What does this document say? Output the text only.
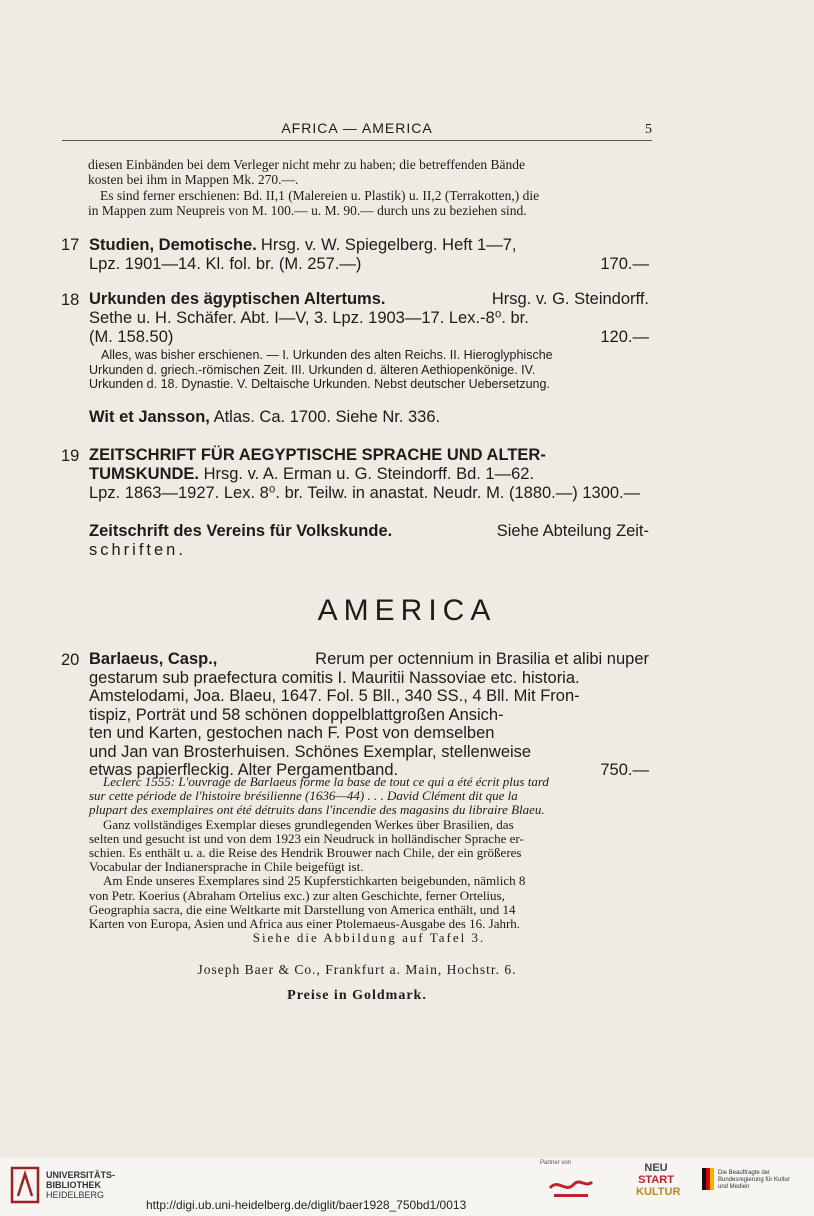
AFRICA — AMERICA	5
diesen Einbänden bei dem Verleger nicht mehr zu haben; die betreffenden Bände
kosten bei ihm in Mappen Mk. 270.—.
Es sind ferner erschienen: Bd. II,1 (Malereien u. Plastik) u. II,2 (Terrakotten,) die
in Mappen zum Neupreis von M. 100.— u. M. 90.— durch uns zu beziehen sind.
17 Studien, Demotische. Hrsg. v. W. Spiegelberg. Heft 1—7,
Lpz. 1901—14. Kl. fol. br. (M. 257.—)	170.—
18 Urkunden des ägyptischen Altertums.	Hrsg. v. G. Steindorff.
Sethe u. H. Schäfer. Abt. I—V, 3. Lpz. 1903—17. Lex.-8⁰. br.
(M. 158.50)	120.—
Alles, was bisher erschienen. — I. Urkunden des alten Reichs. II. Hieroglyphische
Urkunden d. griech.-römischen Zeit. III. Urkunden d. älteren Aethiopenkönige. IV.
Urkunden d. 18. Dynastie. V. Deltaische Urkunden. Nebst deutscher Uebersetzung.
Wit et Jansson, Atlas. Ca. 1700. Siehe Nr. 336.
19 ZEITSCHRIFT FÜR AEGYPTISCHE SPRACHE UND ALTER-
TUMSKUNDE. Hrsg. v. A. Erman u. G. Steindorff. Bd. 1—62.
Lpz. 1863—1927. Lex. 8⁰. br. Teilw. in anastat. Neudr. M. (1880.—) 1300.—
Zeitschrift des Vereins für Volkskunde.	Siehe Abteilung Zeit-
schriften.
AMERICA
20 Barlaeus, Casp.,	Rerum per octennium in Brasilia et alibi nuper
gestarum sub praefectura comitis I. Mauritii Nassoviae etc. historia.
Amstelodami, Joa. Blaeu, 1647. Fol. 5 Bll., 340 SS., 4 Bll. Mit Fron-
tispiz, Porträt und 58 schönen doppelblattgroßen Ansich-
ten und Karten, gestochen nach F. Post von demselben
und Jan van Brosterhuisen. Schönes Exemplar, stellenweise
etwas papierfleckig. Alter Pergamentband.	750.—
Leclerc 1555: L'ouvrage de Barlaeus forme la base de tout ce qui a été écrit plus tard
sur cette période de l'histoire brésilienne (1636—44) . . . David Clément dit que la
plupart des exemplaires ont été détruits dans l'incendie des magasins du libraire Blaeu.
Ganz vollständiges Exemplar dieses grundlegenden Werkes über Brasilien, das
selten und gesucht ist und von dem 1923 ein Neudruck in holländischer Sprache er-
schien. Es enthält u. a. die Reise des Hendrik Brouwer nach Chile, der ein größeres
Vocabular der Indianersprache in Chile beigefügt ist.
Am Ende unseres Exemplares sind 25 Kupferstichkarten beigebunden, nämlich 8
von Petr. Koerius (Abraham Ortelius exc.) zur alten Geschichte, ferner Ortelius,
Geographia sacra, die eine Weltkarte mit Darstellung von America enthält, und 14
Karten von Europa, Asien und Africa aus einer Ptolemaeus-Ausgabe des 16. Jahrh.
Siehe die Abbildung auf Tafel 3.
Joseph Baer & Co., Frankfurt a. Main, Hochstr. 6.
Preise in Goldmark.
UNIVERSITÄTS-
BIBLIOTHEK
HEIDELBERG
http://digi.ub.uni-heidelberg.de/diglit/baer1928_750bd1/0013
Partner von	NEU
START
KULTUR
Die Beauftragte der Bundesregierung für Kultur und Medien
